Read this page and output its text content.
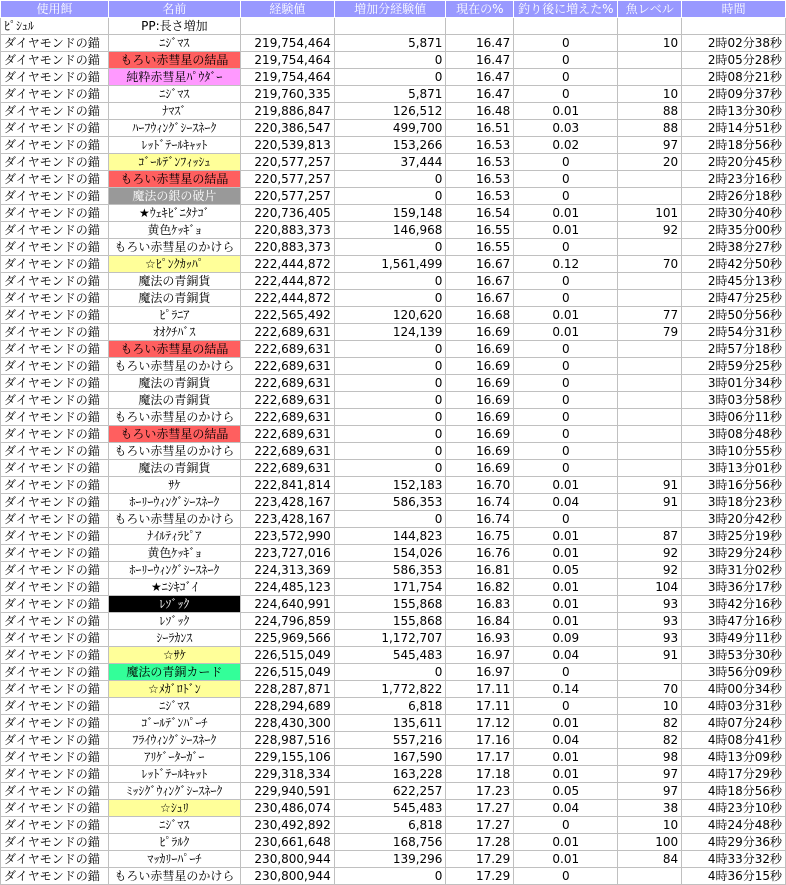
使用餌	名前	経験値	増加分経験値	現在の%	釣り後に増えた%	魚レベル	時間
ﾋﾟｼｭﾙ	PP:長さ増加						
ダイヤモンドの錨	ﾆｼﾞﾏｽ	219,754,464	5,871	16.47	0	10	2時02分38秒
ダイヤモンドの錨	もろい赤彗星の結晶	219,754,464	0	16.47	0		2時05分28秒
ダイヤモンドの錨	純粋赤彗星ﾊﾟｳﾀﾞｰ	219,754,464	0	16.47	0		2時08分21秒
ダイヤモンドの錨	ﾆｼﾞﾏｽ	219,760,335	5,871	16.47	0	10	2時09分37秒
ダイヤモンドの錨	ﾅﾏｽﾞ	219,886,847	126,512	16.48	0.01	88	2時13分30秒
ダイヤモンドの錨	ﾊｰﾌｳｨﾝｸﾞｼｰｽﾈｰｸ	220,386,547	499,700	16.51	0.03	88	2時14分51秒
ダイヤモンドの錨	ﾚｯﾄﾞﾃｰﾙｷｬｯﾄ	220,539,813	153,266	16.53	0.02	97	2時18分56秒
ダイヤモンドの錨	ｺﾞｰﾙﾃﾞﾝﾌｨｯｼｭ	220,577,257	37,444	16.53	0	20	2時20分45秒
ダイヤモンドの錨	もろい赤彗星の結晶	220,577,257	0	16.53	0		2時23分16秒
ダイヤモンドの錨	魔法の銀の破片	220,577,257	0	16.53	0		2時26分18秒
ダイヤモンドの錨	★ｳｪｷﾋﾞﾆﾀﾅｺﾞ	220,736,405	159,148	16.54	0.01	101	2時30分40秒
ダイヤモンドの錨	黄色ｹｯｷﾞｮ	220,883,373	146,968	16.55	0.01	92	2時35分00秒
ダイヤモンドの錨	もろい赤彗星のかけら	220,883,373	0	16.55	0		2時38分27秒
ダイヤモンドの錨	☆ﾋﾟﾝｸｶｯﾊﾟ	222,444,872	1,561,499	16.67	0.12	70	2時42分50秒
ダイヤモンドの錨	魔法の青銅貨	222,444,872	0	16.67	0		2時45分13秒
ダイヤモンドの錨	魔法の青銅貨	222,444,872	0	16.67	0		2時47分25秒
ダイヤモンドの錨	ﾋﾟﾗﾆｱ	222,565,492	120,620	16.68	0.01	77	2時50分56秒
ダイヤモンドの錨	ｵｵｸﾁﾊﾞｽ	222,689,631	124,139	16.69	0.01	79	2時54分31秒
ダイヤモンドの錨	もろい赤彗星の結晶	222,689,631	0	16.69	0		2時57分18秒
ダイヤモンドの錨	もろい赤彗星のかけら	222,689,631	0	16.69	0		2時59分25秒
ダイヤモンドの錨	魔法の青銅貨	222,689,631	0	16.69	0		3時01分34秒
ダイヤモンドの錨	魔法の青銅貨	222,689,631	0	16.69	0		3時03分58秒
ダイヤモンドの錨	もろい赤彗星のかけら	222,689,631	0	16.69	0		3時06分11秒
ダイヤモンドの錨	もろい赤彗星の結晶	222,689,631	0	16.69	0		3時08分48秒
ダイヤモンドの錨	もろい赤彗星のかけら	222,689,631	0	16.69	0		3時10分55秒
ダイヤモンドの錨	魔法の青銅貨	222,689,631	0	16.69	0		3時13分01秒
ダイヤモンドの錨	ｻｹ	222,841,814	152,183	16.70	0.01	91	3時16分56秒
ダイヤモンドの錨	ﾎｰﾘｰｳｨﾝｸﾞｼｰｽﾈｰｸ	223,428,167	586,353	16.74	0.04	91	3時18分23秒
ダイヤモンドの錨	もろい赤彗星のかけら	223,428,167	0	16.74	0		3時20分42秒
ダイヤモンドの錨	ﾅｲﾙﾃｨﾗﾋﾟｱ	223,572,990	144,823	16.75	0.01	87	3時25分19秒
ダイヤモンドの錨	黄色ｹｯｷﾞｮ	223,727,016	154,026	16.76	0.01	92	3時29分24秒
ダイヤモンドの錨	ﾎｰﾘｰｳｨﾝｸﾞｼｰｽﾈｰｸ	224,313,369	586,353	16.81	0.05	92	3時31分02秒
ダイヤモンドの錨	★ﾆｼｷｺﾞｲ	224,485,123	171,754	16.82	0.01	104	3時36分17秒
ダイヤモンドの錨	ﾚｿﾞｯｸ	224,640,991	155,868	16.83	0.01	93	3時42分16秒
ダイヤモンドの錨	ﾚｿﾞｯｸ	224,796,859	155,868	16.84	0.01	93	3時47分16秒
ダイヤモンドの錨	ｼｰﾗｶﾝｽ	225,969,566	1,172,707	16.93	0.09	93	3時49分11秒
ダイヤモンドの錨	☆ｻｹ	226,515,049	545,483	16.97	0.04	91	3時53分30秒
ダイヤモンドの錨	魔法の青銅カード	226,515,049	0	16.97	0		3時56分09秒
ダイヤモンドの錨	☆ﾒｶﾞﾛﾄﾞﾝ	228,287,871	1,772,822	17.11	0.14	70	4時00分34秒
ダイヤモンドの錨	ﾆｼﾞﾏｽ	228,294,689	6,818	17.11	0	10	4時03分31秒
ダイヤモンドの錨	ｺﾞｰﾙﾃﾞﾝﾊﾟｰﾁ	228,430,300	135,611	17.12	0.01	82	4時07分24秒
ダイヤモンドの錨	ﾌﾗｲｳｨﾝｸﾞｼｰｽﾈｰｸ	228,987,516	557,216	17.16	0.04	82	4時08分41秒
ダイヤモンドの錨	ｱﾘｹﾞｰﾀｰｶﾞｰ	229,155,106	167,590	17.17	0.01	98	4時13分09秒
ダイヤモンドの錨	ﾚｯﾄﾞﾃｰﾙｷｬｯﾄ	229,318,334	163,228	17.18	0.01	97	4時17分29秒
ダイヤモンドの錨	ﾐｯｼｸﾞｳｨﾝｸﾞｼｰｽﾈｰｸ	229,940,591	622,257	17.23	0.05	97	4時18分56秒
ダイヤモンドの錨	☆ｼｭﾘ	230,486,074	545,483	17.27	0.04	38	4時23分10秒
ダイヤモンドの錨	ﾆｼﾞﾏｽ	230,492,892	6,818	17.27	0	10	4時24分48秒
ダイヤモンドの錨	ﾋﾟﾗﾙｸ	230,661,648	168,756	17.28	0.01	100	4時29分36秒
ダイヤモンドの錨	ﾏｯｶﾘｰﾊﾟｰﾁ	230,800,944	139,296	17.29	0.01	84	4時33分32秒
ダイヤモンドの錨	もろい赤彗星のかけら	230,800,944	0	17.29	0		4時36分15秒
